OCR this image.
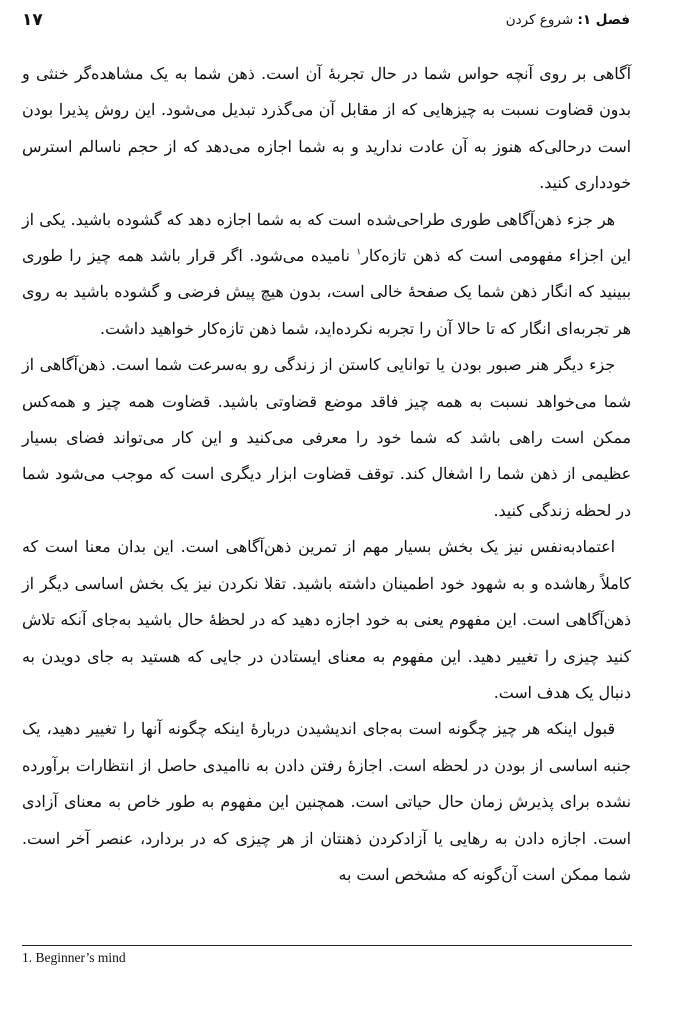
۱۷	فصل ۱: شروع کردن

آگاهی بر روی آنچه حواس شما در حال تجربهٔ آن است. ذهن شما به یک مشاهده‌گر خنثی و بدون قضاوت نسبت به چیزهایی که از مقابل آن می‌گذرد تبدیل می‌شود. این روش پذیرا بودن است درحالی‌که هنوز به آن عادت ندارید و به شما اجازه می‌دهد که از حجم ناسالم استرس خودداری کنید.

هر جزء ذهن‌آگاهی طوری طراحی‌شده است که به شما اجازه دهد که گشوده باشید. یکی از این اجزاء مفهومی است که ذهن تازه‌کار$^۱$ نامیده می‌شود. اگر قرار باشد همه چیز را طوری ببینید که انگار ذهن شما یک صفحهٔ خالی است، بدون هیچ پیش فرضی و گشوده باشید به روی هر تجربه‌ای انگار که تا حالا آن را تجربه نکرده‌اید، شما ذهن تازه‌کار خواهید داشت.

جزء دیگر هنر صبور بودن یا توانایی کاستن از زندگی رو به‌سرعت شما است. ذهن‌آگاهی از شما می‌خواهد نسبت به همه چیز فاقد موضع قضاوتی باشید. قضاوت همه چیز و همه‌کس ممکن است راهی باشد که شما خود را معرفی می‌کنید و این کار می‌تواند فضای بسیار عظیمی از ذهن شما را اشغال کند. توقف قضاوت ابزار دیگری است که موجب می‌شود شما در لحظه زندگی کنید.

اعتمادبه‌نفس نیز یک بخش بسیار مهم از تمرین ذهن‌آگاهی است. این بدان معنا است که کاملاً رهاشده و به شهود خود اطمینان داشته باشید. تقلا نکردن نیز یک بخش اساسی دیگر از ذهن‌آگاهی است. این مفهوم یعنی به خود اجازه دهید که در لحظهٔ حال باشید به‌جای آنکه تلاش کنید چیزی را تغییر دهید. این مفهوم به معنای ایستادن در جایی که هستید به جای دویدن به دنبال یک هدف است.

قبول اینکه هر چیز چگونه است به‌جای اندیشیدن دربارهٔ اینکه چگونه آنها را تغییر دهید، یک جنبه اساسی از بودن در لحظه است. اجازهٔ رفتن دادن به ناامیدی حاصل از انتظارات برآورده نشده برای پذیرش زمان حال حیاتی است. همچنین این مفهوم به طور خاص به معنای آزادی است. اجازه دادن به رهایی یا آزادکردن ذهنتان از هر چیزی که در بردارد، عنصر آخر است. شما ممکن است آن‌گونه که مشخص است به

1. Beginner’s mind
